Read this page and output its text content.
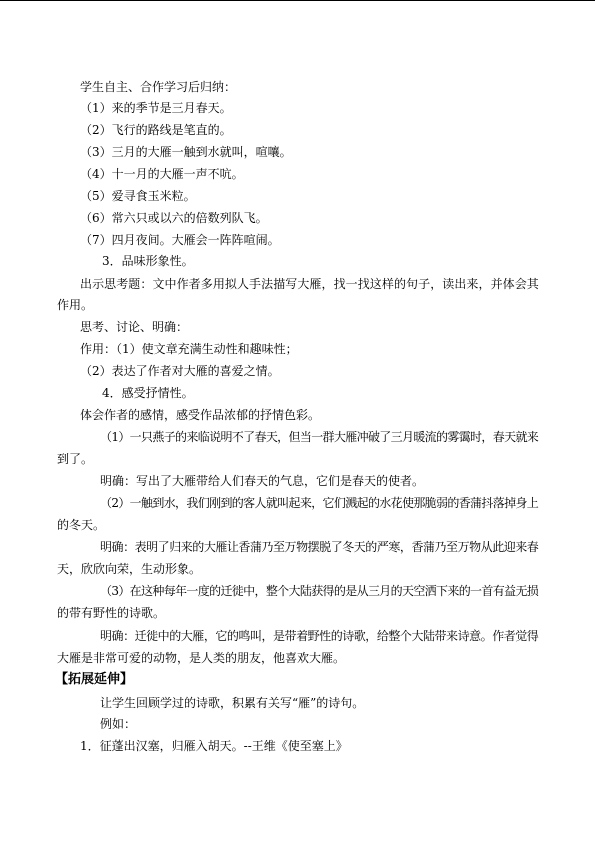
学生自主、合作学习后归纳：
（1）来的季节是三月春天。
（2）飞行的路线是笔直的。
（3）三月的大雁一触到水就叫，喧嚷。
（4）十一月的大雁一声不吭。
（5）爱寻食玉米粒。
（6）常六只或以六的倍数列队飞。
（7）四月夜间。大雁会一阵阵喧闹。
3．品味形象性。
出示思考题：文中作者多用拟人手法描写大雁，找一找这样的句子，读出来，并体会其
作用。
思考、讨论、明确：
作用：（1）使文章充满生动性和趣味性；
（2）表达了作者对大雁的喜爱之情。
4．感受抒情性。
体会作者的感情，感受作品浓郁的抒情色彩。
（1）一只燕子的来临说明不了春天，但当一群大雁冲破了三月暖流的雾霭时，春天就来
到了。
明确：写出了大雁带给人们春天的气息，它们是春天的使者。
（2）一触到水，我们刚到的客人就叫起来，它们溅起的水花使那脆弱的香蒲抖落掉身上
的冬天。
明确：表明了归来的大雁让香蒲乃至万物摆脱了冬天的严寒，香蒲乃至万物从此迎来春
天，欣欣向荣，生动形象。
（3）在这种每年一度的迁徙中，整个大陆获得的是从三月的天空洒下来的一首有益无损
的带有野性的诗歌。
明确：迁徙中的大雁，它的鸣叫，是带着野性的诗歌，给整个大陆带来诗意。作者觉得
大雁是非常可爱的动物，是人类的朋友，他喜欢大雁。
【拓展延伸】
让学生回顾学过的诗歌，积累有关写“雁”的诗句。
例如：
1．征蓬出汉塞，归雁入胡天。--王维《使至塞上》
